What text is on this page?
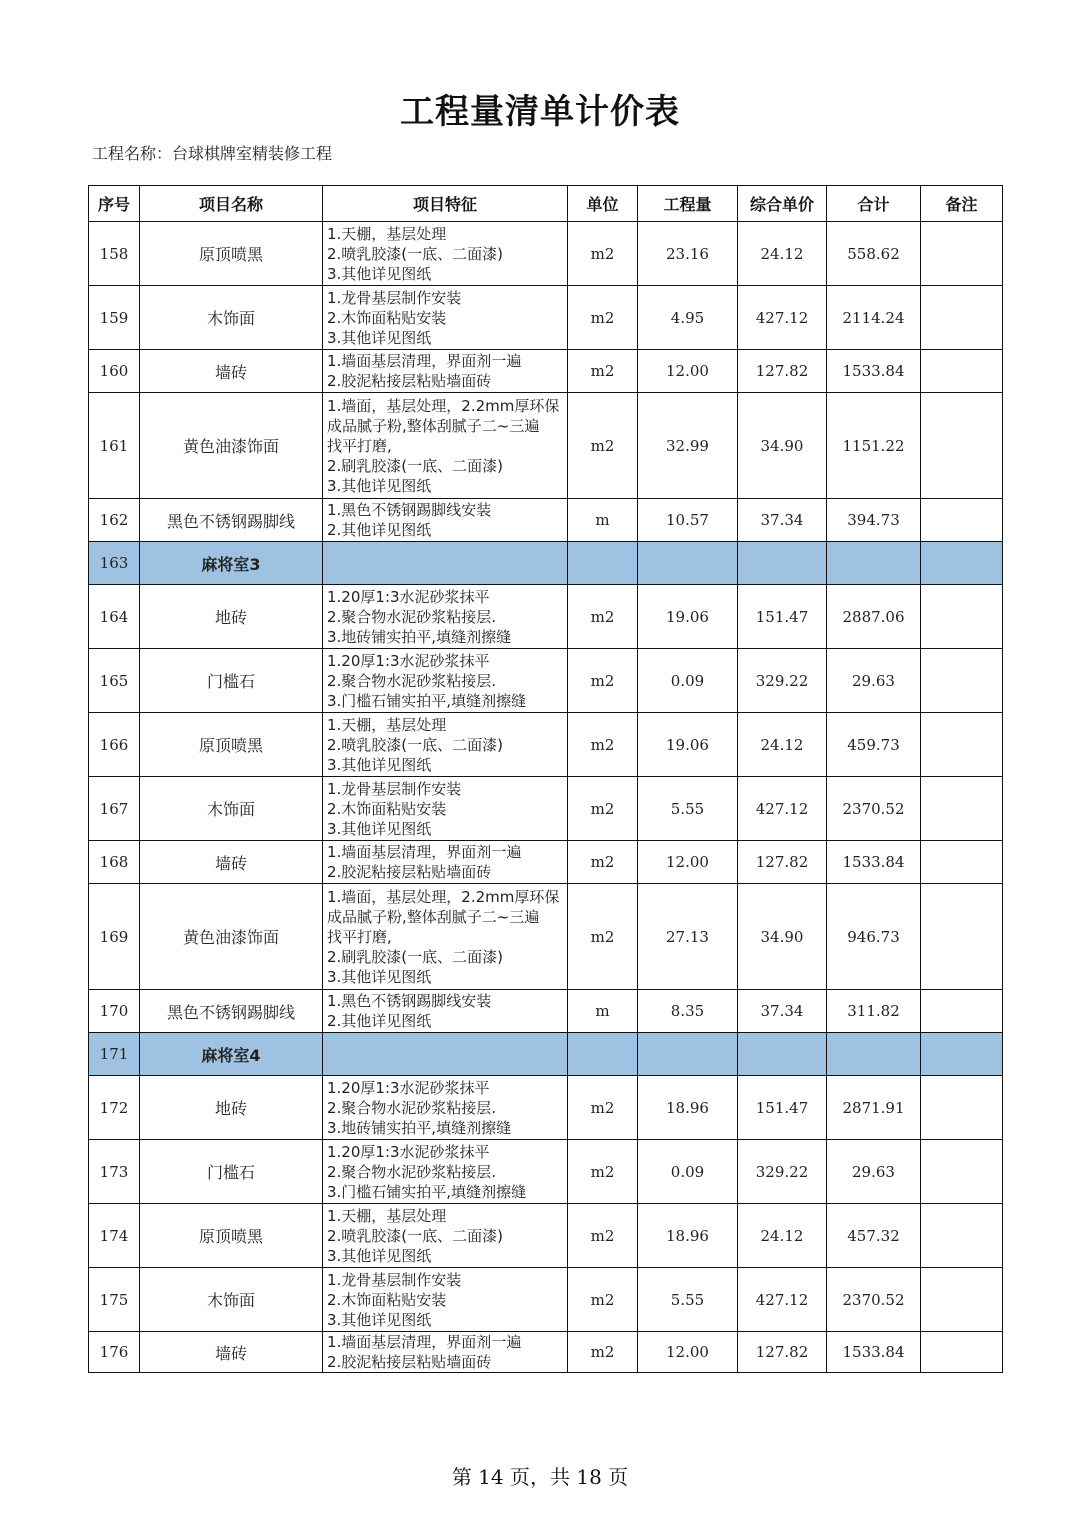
工程量清单计价表
工程名称：台球棋牌室精装修工程
序号	项目名称	项目特征	单位	工程量	综合单价	合计	备注
158	原顶喷黑	1.天棚，基层处理
2.喷乳胶漆(一底、二面漆)
3.其他详见图纸	m2	23.16	24.12	558.62	
159	木饰面	1.龙骨基层制作安装
2.木饰面粘贴安装
3.其他详见图纸	m2	4.95	427.12	2114.24	
160	墙砖	1.墙面基层清理，界面剂一遍
2.胶泥粘接层粘贴墙面砖	m2	12.00	127.82	1533.84	
161	黄色油漆饰面	1.墙面，基层处理，2.2mm厚环保
成品腻子粉,整体刮腻子二~三遍
找平打磨,
2.刷乳胶漆(一底、二面漆)
3.其他详见图纸	m2	32.99	34.90	1151.22	
162	黑色不锈钢踢脚线	1.黑色不锈钢踢脚线安装
2.其他详见图纸	m	10.57	37.34	394.73	
163	麻将室3						
164	地砖	1.20厚1:3水泥砂浆抹平
2.聚合物水泥砂浆粘接层.
3.地砖铺实拍平,填缝剂擦缝	m2	19.06	151.47	2887.06	
165	门槛石	1.20厚1:3水泥砂浆抹平
2.聚合物水泥砂浆粘接层.
3.门槛石铺实拍平,填缝剂擦缝	m2	0.09	329.22	29.63	
166	原顶喷黑	1.天棚，基层处理
2.喷乳胶漆(一底、二面漆)
3.其他详见图纸	m2	19.06	24.12	459.73	
167	木饰面	1.龙骨基层制作安装
2.木饰面粘贴安装
3.其他详见图纸	m2	5.55	427.12	2370.52	
168	墙砖	1.墙面基层清理，界面剂一遍
2.胶泥粘接层粘贴墙面砖	m2	12.00	127.82	1533.84	
169	黄色油漆饰面	1.墙面，基层处理，2.2mm厚环保
成品腻子粉,整体刮腻子二~三遍
找平打磨,
2.刷乳胶漆(一底、二面漆)
3.其他详见图纸	m2	27.13	34.90	946.73	
170	黑色不锈钢踢脚线	1.黑色不锈钢踢脚线安装
2.其他详见图纸	m	8.35	37.34	311.82	
171	麻将室4						
172	地砖	1.20厚1:3水泥砂浆抹平
2.聚合物水泥砂浆粘接层.
3.地砖铺实拍平,填缝剂擦缝	m2	18.96	151.47	2871.91	
173	门槛石	1.20厚1:3水泥砂浆抹平
2.聚合物水泥砂浆粘接层.
3.门槛石铺实拍平,填缝剂擦缝	m2	0.09	329.22	29.63	
174	原顶喷黑	1.天棚，基层处理
2.喷乳胶漆(一底、二面漆)
3.其他详见图纸	m2	18.96	24.12	457.32	
175	木饰面	1.龙骨基层制作安装
2.木饰面粘贴安装
3.其他详见图纸	m2	5.55	427.12	2370.52	
176	墙砖	1.墙面基层清理，界面剂一遍
2.胶泥粘接层粘贴墙面砖	m2	12.00	127.82	1533.84	
第 14 页，共 18 页
